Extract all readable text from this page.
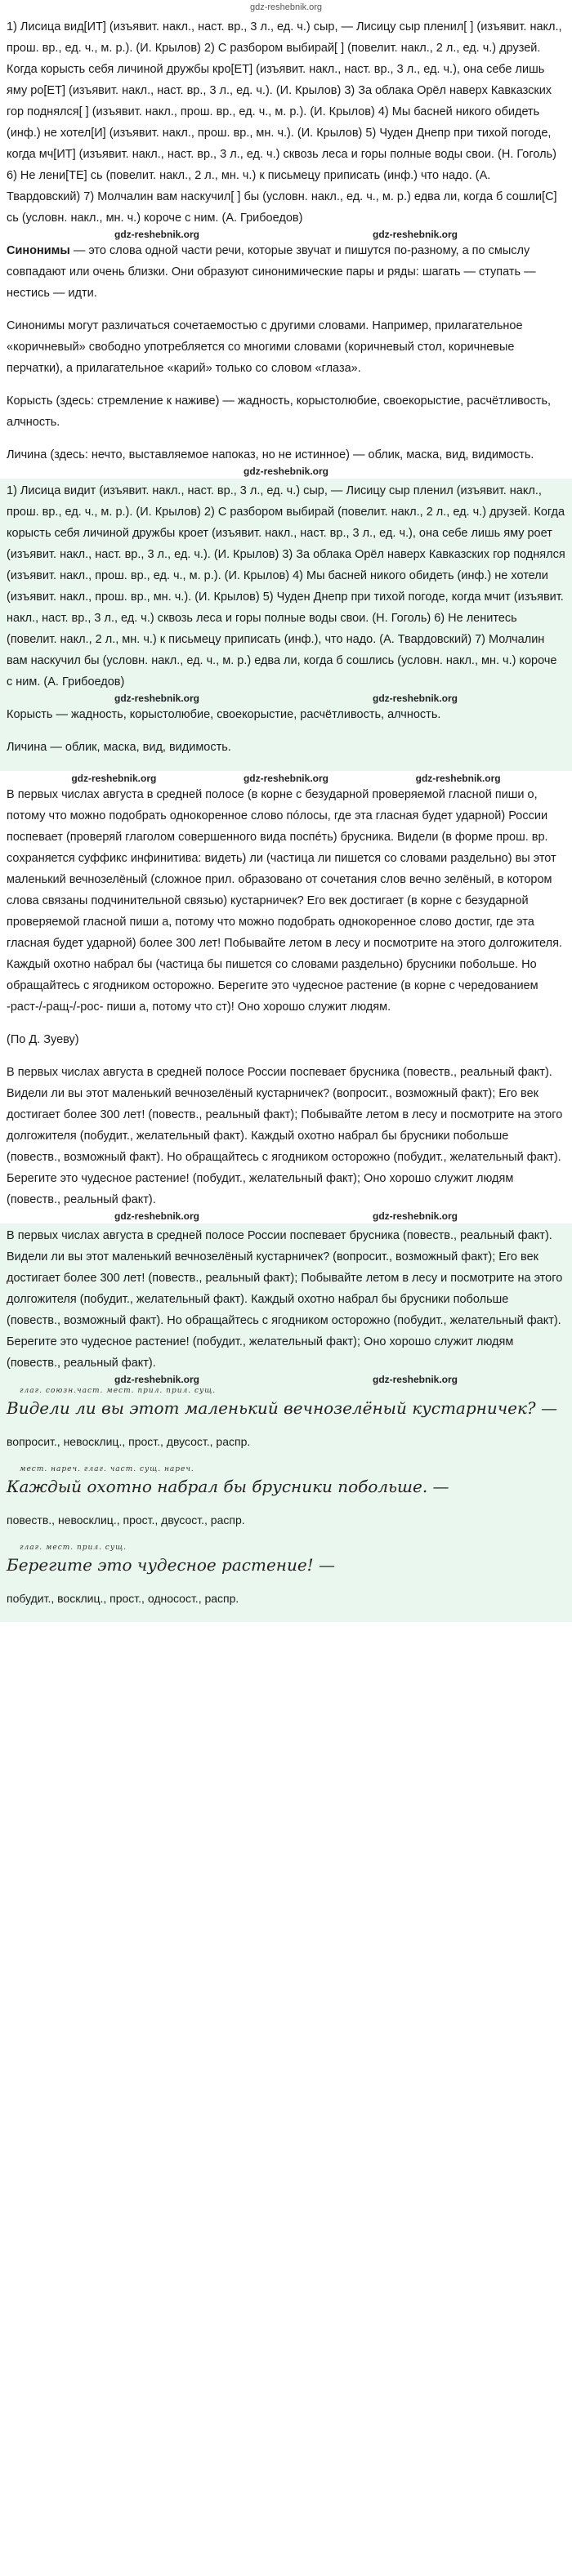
gdz-reshebnik.org

1) Лисица вид[ИТ] (изъявит. накл., наст. вр., 3 л., ед. ч.) сыр, — Лисицу сыр пленил[ ] (изъявит. накл., прош. вр., ед. ч., м. р.). (И. Крылов) 2) С разбором выбирай[ ] (повелит. накл., 2 л., ед. ч.) друзей. Когда корысть себя личиной дружбы кро[ЕТ] (изъявит. накл., наст. вр., 3 л., ед. ч.), она себе лишь яму ро[ЕТ] (изъявит. накл., наст. вр., 3 л., ед. ч.). (И. Крылов) 3) За облака Орёл наверх Кавказских гор поднялся[ ] (изъявит. накл., прош. вр., ед. ч., м. р.). (И. Крылов) 4) Мы басней никого обидеть (инф.) не хотел[И] (изъявит. накл., прош. вр., мн. ч.). (И. Крылов) 5) Чуден Днепр при тихой погоде, когда мч[ИТ] (изъявит. накл., наст. вр., 3 л., ед. ч.) сквозь леса и горы полные воды свои. (Н. Гоголь) 6) Не лени[ТЕ] сь (повелит. накл., 2 л., мн. ч.) к письмецу приписать (инф.) что надо. (А. Твардовский) 7) Молчалин вам наскучил[ ] бы (условн. накл., ед. ч., м. р.) едва ли, когда б сошли[С] сь (условн. накл., мн. ч.) короче с ним. (А. Грибоедов)

gdz-reshebnik.org	gdz-reshebnik.org

Синонимы — это слова одной части речи, которые звучат и пишутся по-разному, а по смыслу совпадают или очень близки. Они образуют синонимические пары и ряды: шагать — ступать — нестись — идти.

Синонимы могут различаться сочетаемостью с другими словами. Например, прилагательное «коричневый» свободно употребляется со многими словами (коричневый стол, коричневые перчатки), а прилагательное «карий» только со словом «глаза».

Корысть (здесь: стремление к наживе) — жадность, корыстолюбие, своекорыстие, расчётливость, алчность.

Личина (здесь: нечто, выставляемое напоказ, но не истинное) — облик, маска, вид, видимость.

gdz-reshebnik.org

1) Лисица видит (изъявит. накл., наст. вр., 3 л., ед. ч.) сыр, — Лисицу сыр пленил (изъявит. накл., прош. вр., ед. ч., м. р.). (И. Крылов) 2) С разбором выбирай (повелит. накл., 2 л., ед. ч.) друзей. Когда корысть себя личиной дружбы кроет (изъявит. накл., наст. вр., 3 л., ед. ч.), она себе лишь яму роет (изъявит. накл., наст. вр., 3 л., ед. ч.). (И. Крылов) 3) За облака Орёл наверх Кавказских гор поднялся (изъявит. накл., прош. вр., ед. ч., м. р.). (И. Крылов) 4) Мы басней никого обидеть (инф.) не хотели (изъявит. накл., прош. вр., мн. ч.). (И. Крылов) 5) Чуден Днепр при тихой погоде, когда мчит (изъявит. накл., наст. вр., 3 л., ед. ч.) сквозь леса и горы полные воды свои. (Н. Гоголь) 6) Не ленитесь (повелит. накл., 2 л., мн. ч.) к письмецу приписать (инф.), что надо. (А. Твардовский) 7) Молчалин вам наскучил бы (условн. накл., ед. ч., м. р.) едва ли, когда б сошлись (условн. накл., мн. ч.) короче с ним. (А. Грибоедов)

gdz-reshebnik.org	gdz-reshebnik.org

Корысть — жадность, корыстолюбие, своекорыстие, расчётливость, алчность.

Личина — облик, маска, вид, видимость.

gdz-reshebnik.org	gdz-reshebnik.org	gdz-reshebnik.org

В первых числах августа в средней полосе (в корне с безударной проверяемой гласной пиши о, потому что можно подобрать однокоренное слово пóлосы, где эта гласная будет ударной) России поспевает (проверяй глаголом совершенного вида поспéть) брусника. Видели (в форме прош. вр. сохраняется суффикс инфинитива: видеть) ли (частица ли пишется со словами раздельно) вы этот маленький вечнозелёный (сложное прил. образовано от сочетания слов вечно зелёный, в котором слова связаны подчинительной связью) кустарничек? Его век достигает (в корне с безударной проверяемой гласной пиши а, потому что можно подобрать однокоренное слово достиг, где эта гласная будет ударной) более 300 лет! Побывайте летом в лесу и посмотрите на этого долгожителя. Каждый охотно набрал бы (частица бы пишется со словами раздельно) брусники побольше. Но обращайтесь с ягодником осторожно. Берегите это чудесное растение (в корне с чередованием -раст-/-ращ-/-рос- пиши а, потому что ст)! Оно хорошо служит людям.

(По Д. Зуеву)

В первых числах августа в средней полосе России поспевает брусника (повеств., реальный факт). Видели ли вы этот маленький вечнозелёный кустарничек? (вопросит., возможный факт); Его век достигает более 300 лет! (повеств., реальный факт); Побывайте летом в лесу и посмотрите на этого долгожителя (побудит., желательный факт). Каждый охотно набрал бы брусники побольше (повеств., возможный факт). Но обращайтесь с ягодником осторожно (побудит., желательный факт). Берегите это чудесное растение! (побудит., желательный факт); Оно хорошо служит людям (повеств., реальный факт).

gdz-reshebnik.org	gdz-reshebnik.org

В первых числах августа в средней полосе России поспевает брусника (повеств., реальный факт). Видели ли вы этот маленький вечнозелёный кустарничек? (вопросит., возможный факт); Его век достигает более 300 лет! (повеств., реальный факт); Побывайте летом в лесу и посмотрите на этого долгожителя (побудит., желательный факт). Каждый охотно набрал бы брусники побольше (повеств., возможный факт). Но обращайтесь с ягодником осторожно (побудит., желательный факт). Берегите это чудесное растение! (побудит., желательный факт); Оно хорошо служит людям (повеств., реальный факт).

gdz-reshebnik.org	gdz-reshebnik.org
глаг. союзн.част. мест. прил. прил. сущ.
Видели ли вы этот маленький вечнозелёный кустарничек? —

вопросит., невосклиц., прост., двусост., распр.

мест. нареч. глаг. част. сущ. нареч.
Каждый охотно набрал бы брусники побольше. —

повеств., невосклиц., прост., двусост., распр.

глаг. мест. прил. сущ.
Берегите это чудесное растение! —

побудит., восклиц., прост., односост., распр.
